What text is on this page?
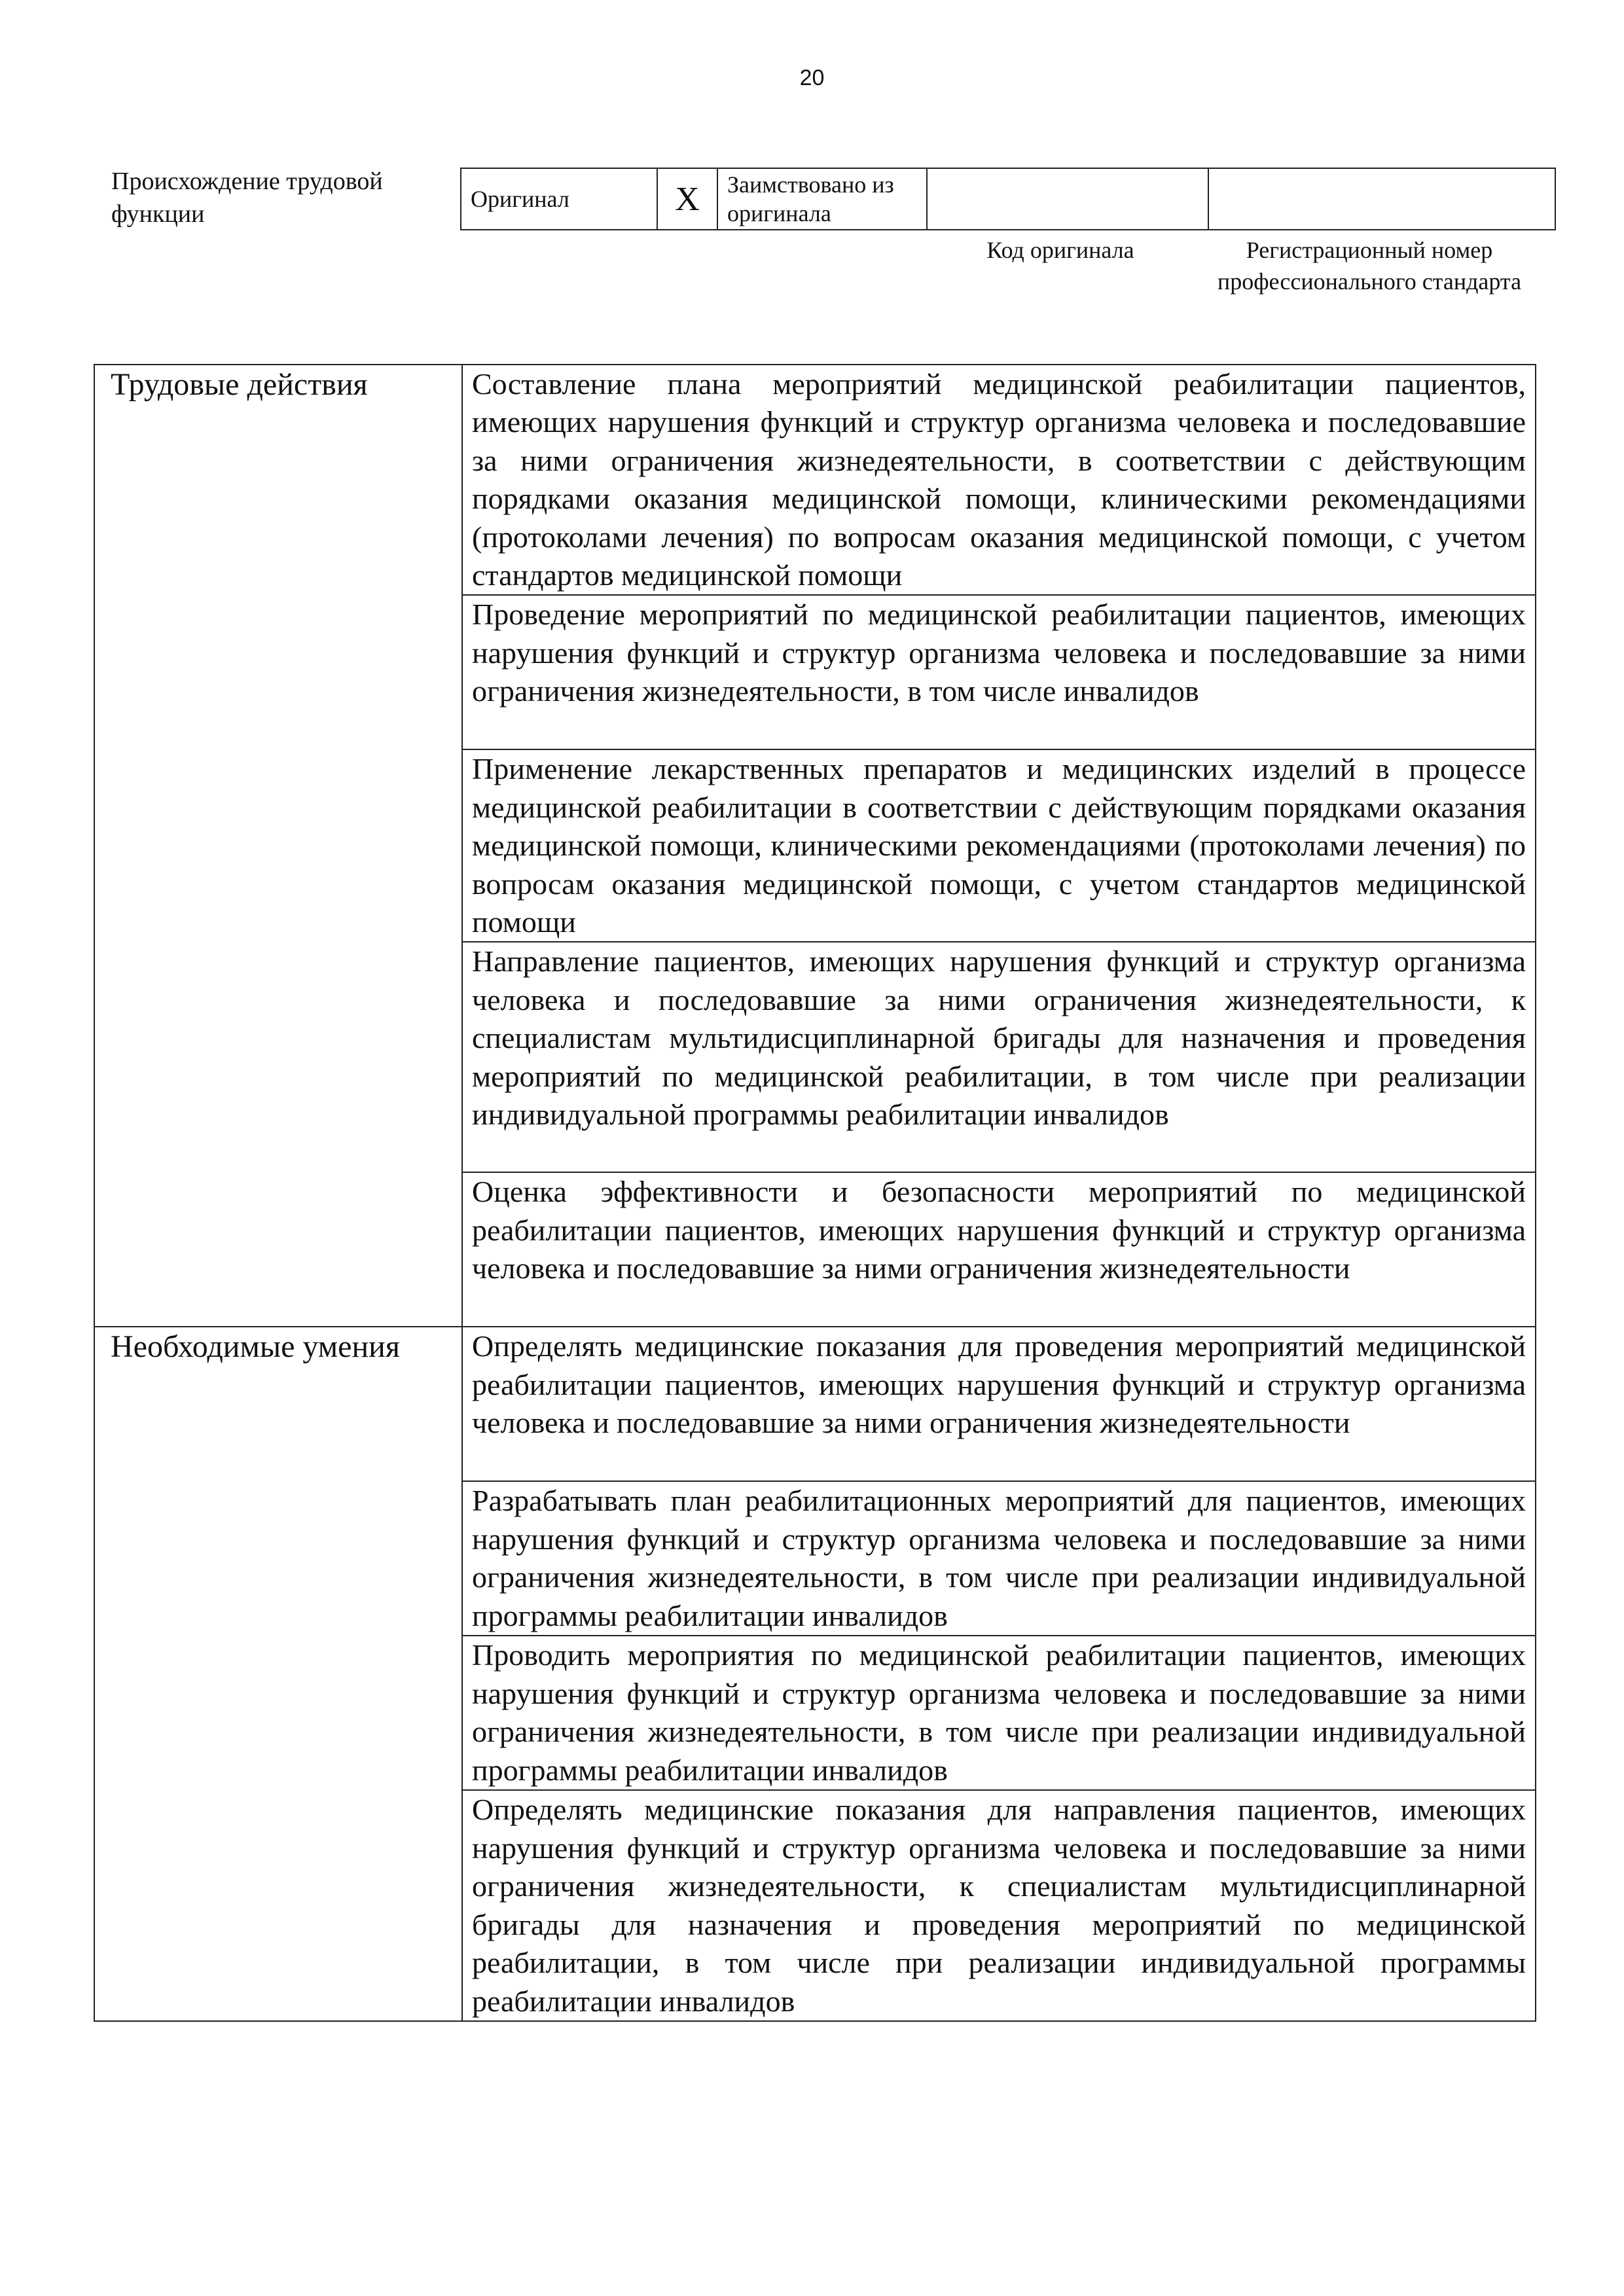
20
Происхождение трудовой функции
Оригинал	X	Заимствовано из оригинала		
Код оригинала	Регистрационный номер профессионального стандарта
Трудовые действия	Составление плана мероприятий медицинской реабилитации пациентов, имеющих нарушения функций и структур организма человека и последовавшие за ними ограничения жизнедеятельности, в соответствии с действующим порядками оказания медицинской помощи, клиническими рекомендациями (протоколами лечения) по вопросам оказания медицинской помощи, с учетом стандартов медицинской помощи
	Проведение мероприятий по медицинской реабилитации пациентов, имеющих нарушения функций и структур организма человека и последовавшие за ними ограничения жизнедеятельности, в том числе инвалидов
	Применение лекарственных препаратов и медицинских изделий в процессе медицинской реабилитации в соответствии с действующим порядками оказания медицинской помощи, клиническими рекомендациями (протоколами лечения) по вопросам оказания медицинской помощи, с учетом стандартов медицинской помощи
	Направление пациентов, имеющих нарушения функций и структур организма человека и последовавшие за ними ограничения жизнедеятельности, к специалистам мультидисциплинарной бригады для назначения и проведения мероприятий по медицинской реабилитации, в том числе при реализации индивидуальной программы реабилитации инвалидов
	Оценка эффективности и безопасности мероприятий по медицинской реабилитации пациентов, имеющих нарушения функций и структур организма человека и последовавшие за ними ограничения жизнедеятельности
Необходимые умения	Определять медицинские показания для проведения мероприятий медицинской реабилитации пациентов, имеющих нарушения функций и структур организма человека и последовавшие за ними ограничения жизнедеятельности
	Разрабатывать план реабилитационных мероприятий для пациентов, имеющих нарушения функций и структур организма человека и последовавшие за ними ограничения жизнедеятельности, в том числе при реализации индивидуальной программы реабилитации инвалидов
	Проводить мероприятия по медицинской реабилитации пациентов, имеющих нарушения функций и структур организма человека и последовавшие за ними ограничения жизнедеятельности, в том числе при реализации индивидуальной программы реабилитации инвалидов
	Определять медицинские показания для направления пациентов, имеющих нарушения функций и структур организма человека и последовавшие за ними ограничения жизнедеятельности, к специалистам мультидисциплинарной бригады для назначения и проведения мероприятий по медицинской реабилитации, в том числе при реализации индивидуальной программы реабилитации инвалидов
